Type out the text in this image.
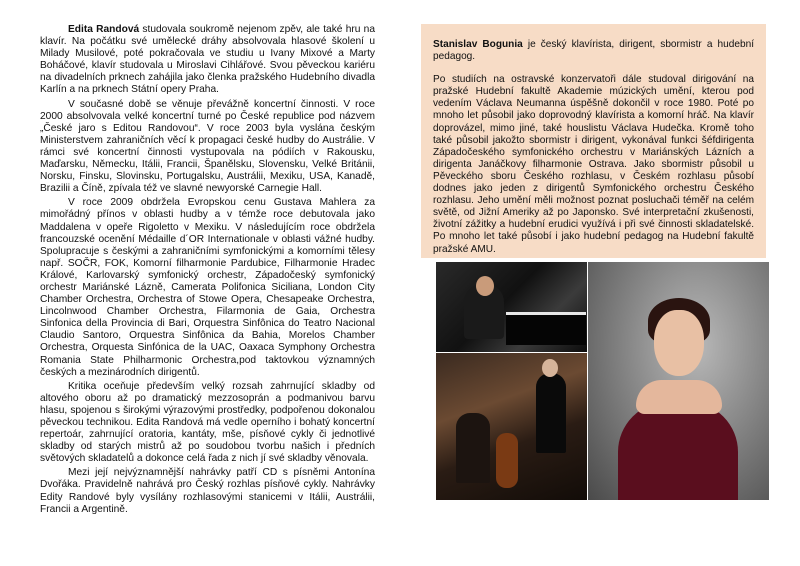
Edita Randová studovala soukromě nejenom zpěv, ale také hru na klavír. Na počátku své umělecké dráhy absolvovala hlasové školení u Milady Musilové, poté pokračovala ve studiu u Ivany Mixové a Marty Boháčové, klavír studovala u Miroslavi Cihlářové. Svou pěveckou kariéru na divadelních prknech zahájila jako členka pražského Hudebního divadla Karlín a na prknech Státní opery Praha.

V současné době se věnuje převážně koncertní činnosti. V roce 2000 absolvovala velké koncertní turné po České republice pod názvem „České jaro s Editou Randovou“. V roce 2003 byla vyslána českým Ministerstvem zahraničních věcí k propagaci české hudby do Austrálie. V rámci své koncertní činnosti vystupovala na pódiích v Rakousku, Maďarsku, Německu, Itálii, Francii, Španělsku, Slovensku, Velké Británii, Norsku, Finsku, Slovinsku, Portugalsku, Austrálii, Mexiku, USA, Kanadě, Brazilii a Číně, zpívala též ve slavné newyorské Carnegie Hall.

V roce 2009 obdržela Evropskou cenu Gustava Mahlera za mimořádný přínos v oblasti hudby a v témže roce debutovala jako Maddalena v opeře Rigoletto v Mexiku. V následujícím roce obdržela francouzské ocenění Médaille d´OR Internationale v oblasti vážné hudby. Spolupracuje s českými a zahraničními symfonickými a komorními tělesy např. SOČR, FOK, Komorní filharmonie Pardubice, Filharmonie Hradec Králové, Karlovarský symfonický orchestr, Západočeský symfonický orchestr Mariánské Lázně, Camerata Polifonica Siciliana, London City Chamber Orchestra, Orchestra of Stowe Opera, Chesapeake Orchestra, Lincolnwood Chamber Orchestra, Filarmonia de Gaia, Orchestra Sinfonica della Provincia di Bari, Orquestra Sinfônica do Teatro Nacional Claudio Santoro, Orquestra Sinfônica da Bahia, Morelos Chamber Orchestra, Orquesta Sinfónica de la UAC, Oaxaca Symphony Orchestra Romania State Philharmonic Orchestra,pod taktovkou významných českých a mezinárodních dirigentů.

Kritika oceňuje především velký rozsah zahrnující skladby od altového oboru až po dramatický mezzosoprán a podmanivou barvu hlasu, spojenou s širokými výrazovými prostředky, podpořenou dokonalou pěveckou technikou. Edita Randová má vedle operního i bohatý koncertní repertoár, zahrnující oratoria, kantáty, mše, písňové cykly či jednotlivé skladby od starých mistrů až po soudobou tvorbu našich i předních světových skladatelů a dokonce celá řada z nich jí své skladby věnovala.

Mezi její nejvýznamnější nahrávky patří CD s písněmi Antonína Dvořáka. Pravidelně nahrává pro Český rozhlas písňové cykly. Nahrávky Edity Randové byly vysílány rozhlasovými stanicemi v Itálii, Austrálii, Francii a Argentině.

Stanislav Bogunia je český klavírista, dirigent, sbormistr a hudební pedagog.

Po studiích na ostravské konzervatoři dále studoval dirigování na pražské Hudební fakultě Akademie múzických umění, kterou pod vedením Václava Neumanna úspěšně dokončil v roce 1980. Poté po mnoho let působil jako doprovodný klavírista a komorní hráč. Na klavír doprovázel, mimo jiné, také houslistu Václava Hudečka. Kromě toho také působil jakožto sbormistr i dirigent, vykonával funkci šéfdirigenta Západočeského symfonického orchestru v Mariánských Lázních a dirigenta Janáčkovy filharmonie Ostrava. Jako sbormistr působil u Pěveckého sboru Českého rozhlasu, v Českém rozhlasu působí dodnes jako jeden z dirigentů Symfonického orchestru Českého rozhlasu. Jeho umění měli možnost poznat posluchači téměř na celém světě, od Jižní Ameriky až po Japonsko. Své interpretační zkušenosti, životní zážitky a hudební erudici využívá i při své činnosti skladatelské. Po mnoho let také působí i jako hudební pedagog na Hudební fakultě pražské AMU.
